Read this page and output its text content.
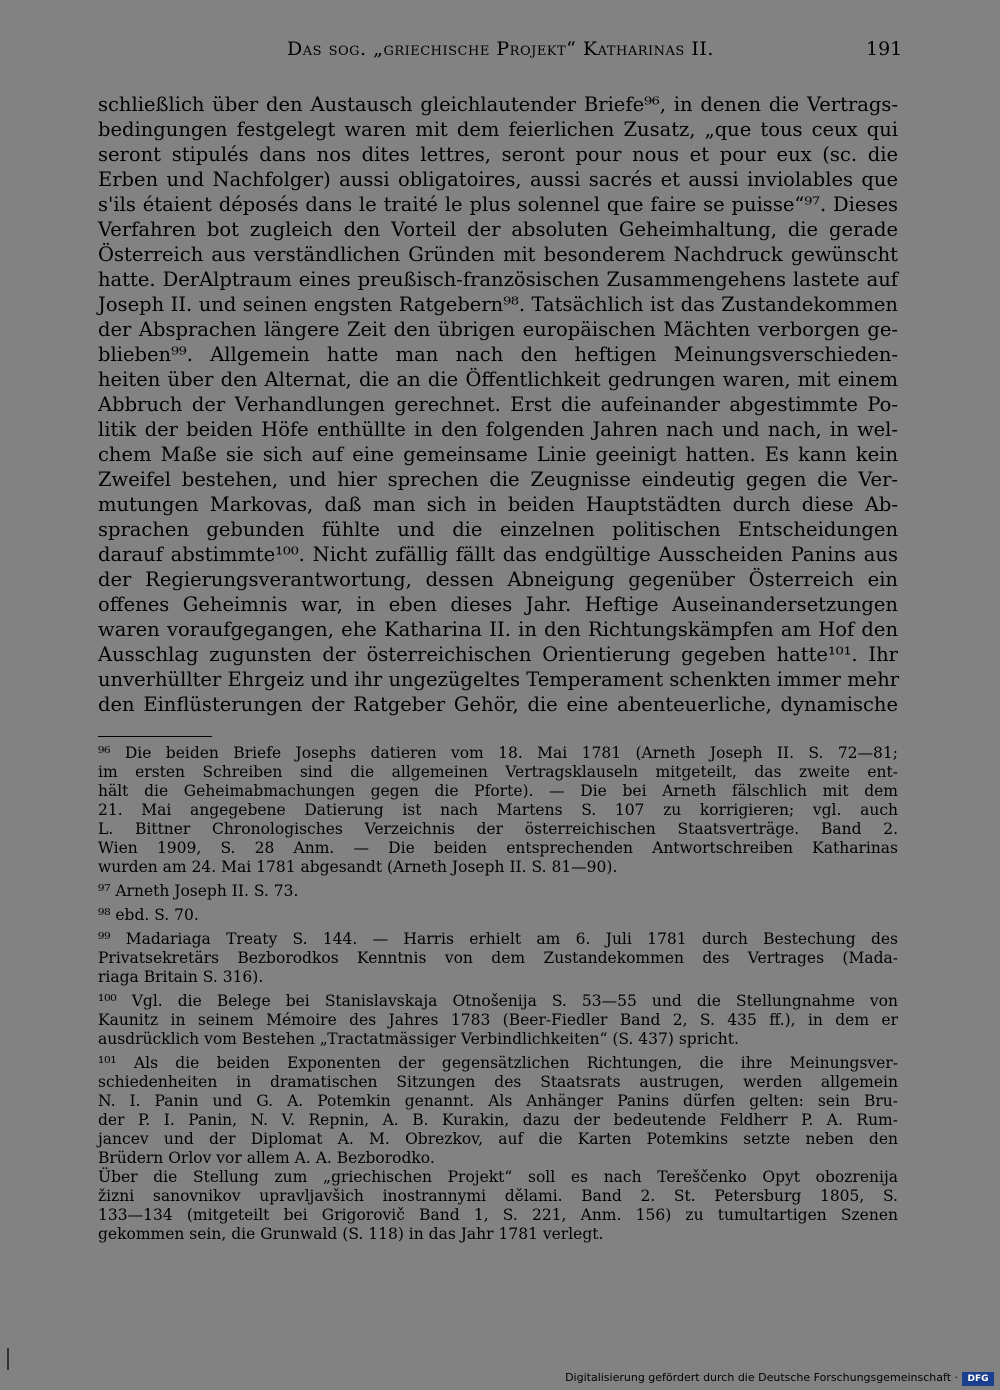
Das sog. „griechische Projekt“ Katharinas II.	191
schließlich über den Austausch gleichlautender Briefe⁹⁶, in denen die Vertrags-
bedingungen festgelegt waren mit dem feierlichen Zusatz, „que tous ceux qui
seront stipulés dans nos dites lettres, seront pour nous et pour eux (sc. die
Erben und Nachfolger) aussi obligatoires, aussi sacrés et aussi inviolables que
s'ils étaient déposés dans le traité le plus solennel que faire se puisse“⁹⁷. Dieses
Verfahren bot zugleich den Vorteil der absoluten Geheimhaltung, die gerade
Österreich aus verständlichen Gründen mit besonderem Nachdruck gewünscht
hatte. DerAlptraum eines preußisch-französischen Zusammengehens lastete auf
Joseph II. und seinen engsten Ratgebern⁹⁸. Tatsächlich ist das Zustandekommen
der Absprachen längere Zeit den übrigen europäischen Mächten verborgen ge-
blieben⁹⁹. Allgemein hatte man nach den heftigen Meinungsverschieden-
heiten über den Alternat, die an die Öffentlichkeit gedrungen waren, mit einem
Abbruch der Verhandlungen gerechnet. Erst die aufeinander abgestimmte Po-
litik der beiden Höfe enthüllte in den folgenden Jahren nach und nach, in wel-
chem Maße sie sich auf eine gemeinsame Linie geeinigt hatten. Es kann kein
Zweifel bestehen, und hier sprechen die Zeugnisse eindeutig gegen die Ver-
mutungen Markovas, daß man sich in beiden Hauptstädten durch diese Ab-
sprachen gebunden fühlte und die einzelnen politischen Entscheidungen
darauf abstimmte¹⁰⁰. Nicht zufällig fällt das endgültige Ausscheiden Panins aus
der Regierungsverantwortung, dessen Abneigung gegenüber Österreich ein
offenes Geheimnis war, in eben dieses Jahr. Heftige Auseinandersetzungen
waren voraufgegangen, ehe Katharina II. in den Richtungskämpfen am Hof den
Ausschlag zugunsten der österreichischen Orientierung gegeben hatte¹⁰¹. Ihr
unverhüllter Ehrgeiz und ihr ungezügeltes Temperament schenkten immer mehr
den Einflüsterungen der Ratgeber Gehör, die eine abenteuerliche, dynamische
⁹⁶ Die beiden Briefe Josephs datieren vom 18. Mai 1781 (Arneth Joseph II. S. 72—81;
im ersten Schreiben sind die allgemeinen Vertragsklauseln mitgeteilt, das zweite ent-
hält die Geheimabmachungen gegen die Pforte). — Die bei Arneth fälschlich mit dem
21. Mai angegebene Datierung ist nach Martens S. 107 zu korrigieren; vgl. auch
L. Bittner Chronologisches Verzeichnis der österreichischen Staatsverträge. Band 2.
Wien 1909, S. 28 Anm. — Die beiden entsprechenden Antwortschreiben Katharinas
wurden am 24. Mai 1781 abgesandt (Arneth Joseph II. S. 81—90).
⁹⁷ Arneth Joseph II. S. 73.
⁹⁸ ebd. S. 70.
⁹⁹ Madariaga Treaty S. 144. — Harris erhielt am 6. Juli 1781 durch Bestechung des
Privatsekretärs Bezborodkos Kenntnis von dem Zustandekommen des Vertrages (Mada-
riaga Britain S. 316).
¹⁰⁰ Vgl. die Belege bei Stanislavskaja Otnošenija S. 53—55 und die Stellungnahme von
Kaunitz in seinem Mémoire des Jahres 1783 (Beer-Fiedler Band 2, S. 435 ff.), in dem er
ausdrücklich vom Bestehen „Tractatmässiger Verbindlichkeiten“ (S. 437) spricht.
¹⁰¹ Als die beiden Exponenten der gegensätzlichen Richtungen, die ihre Meinungsver-
schiedenheiten in dramatischen Sitzungen des Staatsrats austrugen, werden allgemein
N. I. Panin und G. A. Potemkin genannt. Als Anhänger Panins dürfen gelten: sein Bru-
der P. I. Panin, N. V. Repnin, A. B. Kurakin, dazu der bedeutende Feldherr P. A. Rum-
jancev und der Diplomat A. M. Obrezkov, auf die Karten Potemkins setzte neben den
Brüdern Orlov vor allem A. A. Bezborodko.
Über die Stellung zum „griechischen Projekt“ soll es nach Tereščenko Opyt obozrenija
žizni sanovnikov upravljavšich inostrannymi dělami. Band 2. St. Petersburg 1805, S.
133—134 (mitgeteilt bei Grigorovič Band 1, S. 221, Anm. 156) zu tumultartigen Szenen
gekommen sein, die Grunwald (S. 118) in das Jahr 1781 verlegt.
Digitalisierung gefördert durch die Deutsche Forschungsgemeinschaft ·	DFG
